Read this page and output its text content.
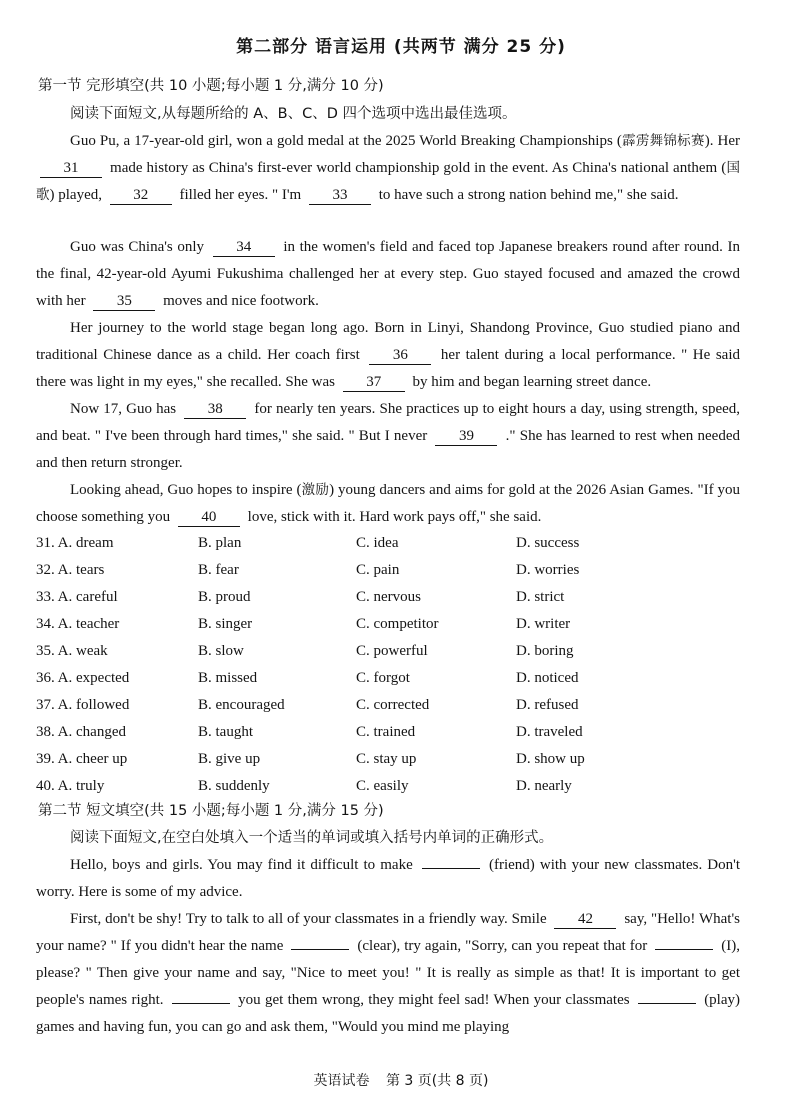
第二部分 语言运用 (共两节 满分 25 分)
第一节 完形填空(共 10 小题;每小题 1 分,满分 10 分)
阅读下面短文,从每题所给的 A、B、C、D 四个选项中选出最佳选项。

Guo Pu, a 17-year-old girl, won a gold medal at the 2025 World Breaking Championships (霹雳舞锦标赛). Her 31 made history as China's first-ever world championship gold in the event. As China's national anthem (国歌) played, 32 filled her eyes. " I'm 33 to have such a strong nation behind me," she said.

Guo was China's only 34 in the women's field and faced top Japanese breakers round after round. In the final, 42-year-old Ayumi Fukushima challenged her at every step. Guo stayed focused and amazed the crowd with her 35 moves and nice footwork.

Her journey to the world stage began long ago. Born in Linyi, Shandong Province, Guo studied piano and traditional Chinese dance as a child. Her coach first 36 her talent during a local performance. " He said there was light in my eyes," she recalled. She was 37 by him and began learning street dance.

Now 17, Guo has 38 for nearly ten years. She practices up to eight hours a day, using strength, speed, and beat. " I've been through hard times," she said. " But I never 39 ." She has learned to rest when needed and then return stronger.

Looking ahead, Guo hopes to inspire (激励) young dancers and aims for gold at the 2026 Asian Games. "If you choose something you 40 love, stick with it. Hard work pays off," she said.

31. A. dream	B. plan	C. idea	D. success
32. A. tears	B. fear	C. pain	D. worries
33. A. careful	B. proud	C. nervous	D. strict
34. A. teacher	B. singer	C. competitor	D. writer
35. A. weak	B. slow	C. powerful	D. boring
36. A. expected	B. missed	C. forgot	D. noticed
37. A. followed	B. encouraged	C. corrected	D. refused
38. A. changed	B. taught	C. trained	D. traveled
39. A. cheer up	B. give up	C. stay up	D. show up
40. A. truly	B. suddenly	C. easily	D. nearly
第二节 短文填空(共 15 小题;每小题 1 分,满分 15 分)
阅读下面短文,在空白处填入一个适当的单词或填入括号内单词的正确形式。

Hello, boys and girls. You may find it difficult to make	(friend) with your new classmates. Don't worry. Here is some of my advice.

First, don't be shy! Try to talk to all of your classmates in a friendly way. Smile 42 say, "Hello! What's your name? " If you didn't hear the name	(clear), try again, "Sorry, can you repeat that for	(I), please? " Then give your name and say, "Nice to meet you! " It is really as simple as that! It is important to get people's names right.	you get them wrong, they might feel sad! When your classmates	(play) games and having fun, you can go and ask them, "Would you mind me playing

英语试卷 第 3 页(共 8 页)
